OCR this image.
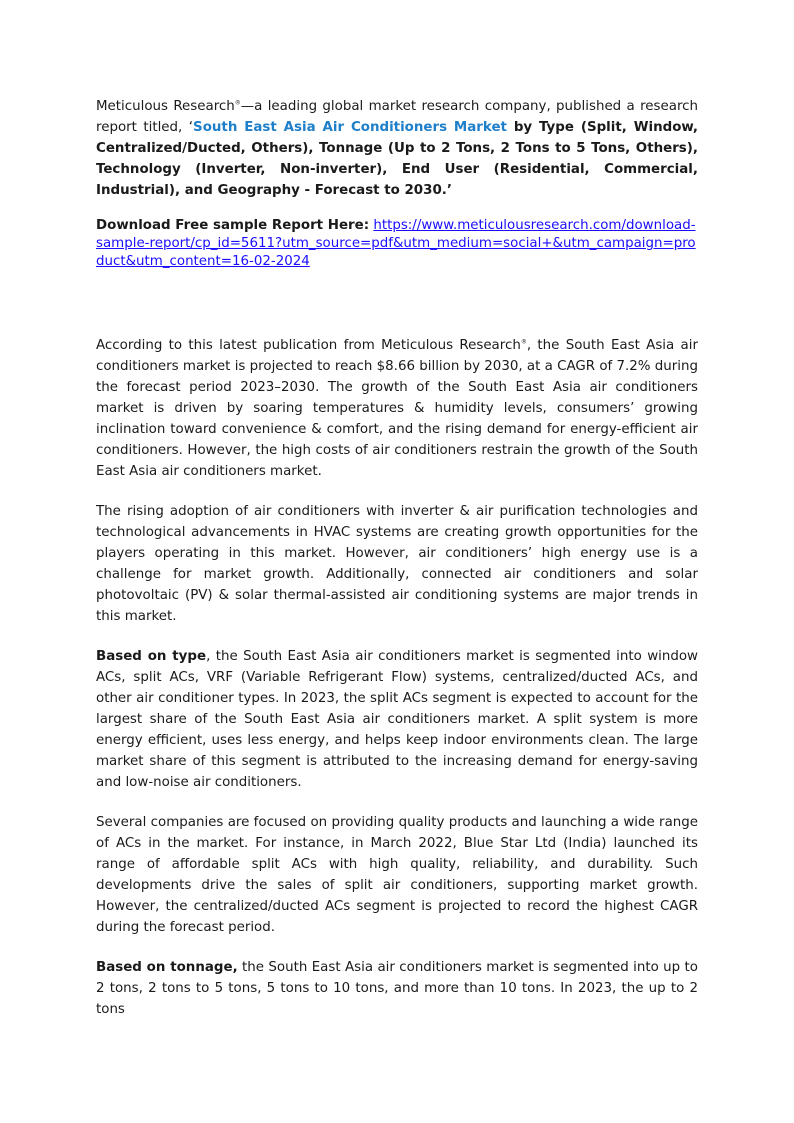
Meticulous Research®—a leading global market research company, published a research report titled, ‘South East Asia Air Conditioners Market by Type (Split, Window, Centralized/Ducted, Others), Tonnage (Up to 2 Tons, 2 Tons to 5 Tons, Others), Technology (Inverter, Non-inverter), End User (Residential, Commercial, Industrial), and Geography - Forecast to 2030.’

Download Free sample Report Here: https://www.meticulousresearch.com/download-sample-report/cp_id=5611?utm_source=pdf&utm_medium=social+&utm_campaign=product&utm_content=16-02-2024

According to this latest publication from Meticulous Research®, the South East Asia air conditioners market is projected to reach $8.66 billion by 2030, at a CAGR of 7.2% during the forecast period 2023–2030. The growth of the South East Asia air conditioners market is driven by soaring temperatures & humidity levels, consumers’ growing inclination toward convenience & comfort, and the rising demand for energy-efficient air conditioners. However, the high costs of air conditioners restrain the growth of the South East Asia air conditioners market.

The rising adoption of air conditioners with inverter & air purification technologies and technological advancements in HVAC systems are creating growth opportunities for the players operating in this market. However, air conditioners’ high energy use is a challenge for market growth. Additionally, connected air conditioners and solar photovoltaic (PV) & solar thermal-assisted air conditioning systems are major trends in this market.

Based on type, the South East Asia air conditioners market is segmented into window ACs, split ACs, VRF (Variable Refrigerant Flow) systems, centralized/ducted ACs, and other air conditioner types. In 2023, the split ACs segment is expected to account for the largest share of the South East Asia air conditioners market. A split system is more energy efficient, uses less energy, and helps keep indoor environments clean. The large market share of this segment is attributed to the increasing demand for energy-saving and low-noise air conditioners.

Several companies are focused on providing quality products and launching a wide range of ACs in the market. For instance, in March 2022, Blue Star Ltd (India) launched its range of affordable split ACs with high quality, reliability, and durability. Such developments drive the sales of split air conditioners, supporting market growth. However, the centralized/ducted ACs segment is projected to record the highest CAGR during the forecast period.

Based on tonnage, the South East Asia air conditioners market is segmented into up to 2 tons, 2 tons to 5 tons, 5 tons to 10 tons, and more than 10 tons. In 2023, the up to 2 tons
